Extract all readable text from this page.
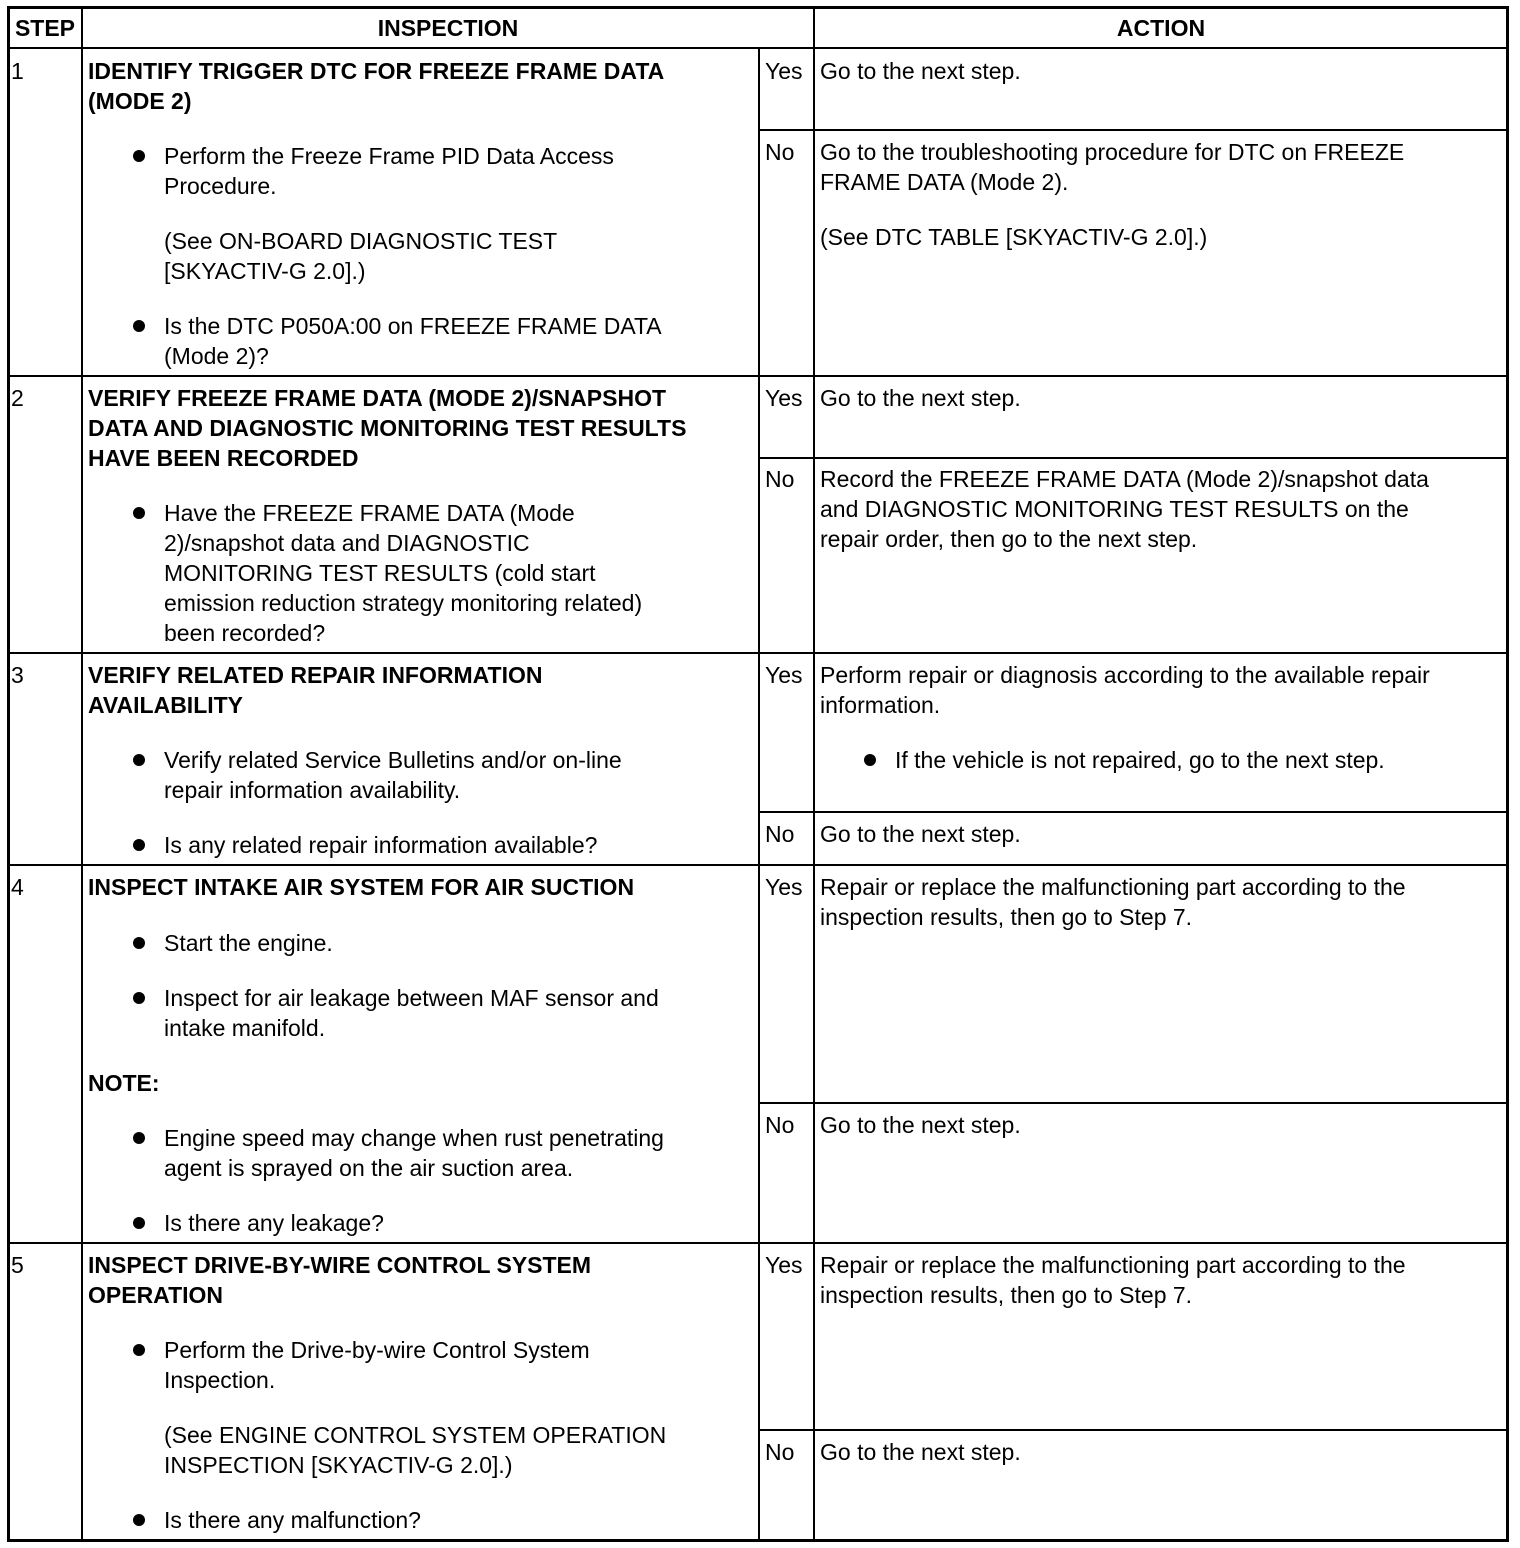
STEP	INSPECTION	ACTION
1	IDENTIFY TRIGGER DTC FOR FREEZE FRAME DATA
(MODE 2)
Perform the Freeze Frame PID Data Access
Procedure.
(See ON-BOARD DIAGNOSTIC TEST
[SKYACTIV-G 2.0].)
Is the DTC P050A:00 on FREEZE FRAME DATA
(Mode 2)?
Yes Go to the next step.
No Go to the troubleshooting procedure for DTC on FREEZE
FRAME DATA (Mode 2).
(See DTC TABLE [SKYACTIV-G 2.0].)
2	VERIFY FREEZE FRAME DATA (MODE 2)/SNAPSHOT
DATA AND DIAGNOSTIC MONITORING TEST RESULTS
HAVE BEEN RECORDED
Have the FREEZE FRAME DATA (Mode
2)/snapshot data and DIAGNOSTIC
MONITORING TEST RESULTS (cold start
emission reduction strategy monitoring related)
been recorded?
Yes Go to the next step.
No Record the FREEZE FRAME DATA (Mode 2)/snapshot data
and DIAGNOSTIC MONITORING TEST RESULTS on the
repair order, then go to the next step.
3	VERIFY RELATED REPAIR INFORMATION
AVAILABILITY
Verify related Service Bulletins and/or on-line
repair information availability.
Is any related repair information available?
Yes Perform repair or diagnosis according to the available repair
information.
If the vehicle is not repaired, go to the next step.
No Go to the next step.
4	INSPECT INTAKE AIR SYSTEM FOR AIR SUCTION
Start the engine.
Inspect for air leakage between MAF sensor and
intake manifold.
NOTE:
Engine speed may change when rust penetrating
agent is sprayed on the air suction area.
Is there any leakage?
Yes Repair or replace the malfunctioning part according to the
inspection results, then go to Step 7.
No Go to the next step.
5	INSPECT DRIVE-BY-WIRE CONTROL SYSTEM
OPERATION
Perform the Drive-by-wire Control System
Inspection.
(See ENGINE CONTROL SYSTEM OPERATION
INSPECTION [SKYACTIV-G 2.0].)
Is there any malfunction?
Yes Repair or replace the malfunctioning part according to the
inspection results, then go to Step 7.
No Go to the next step.
